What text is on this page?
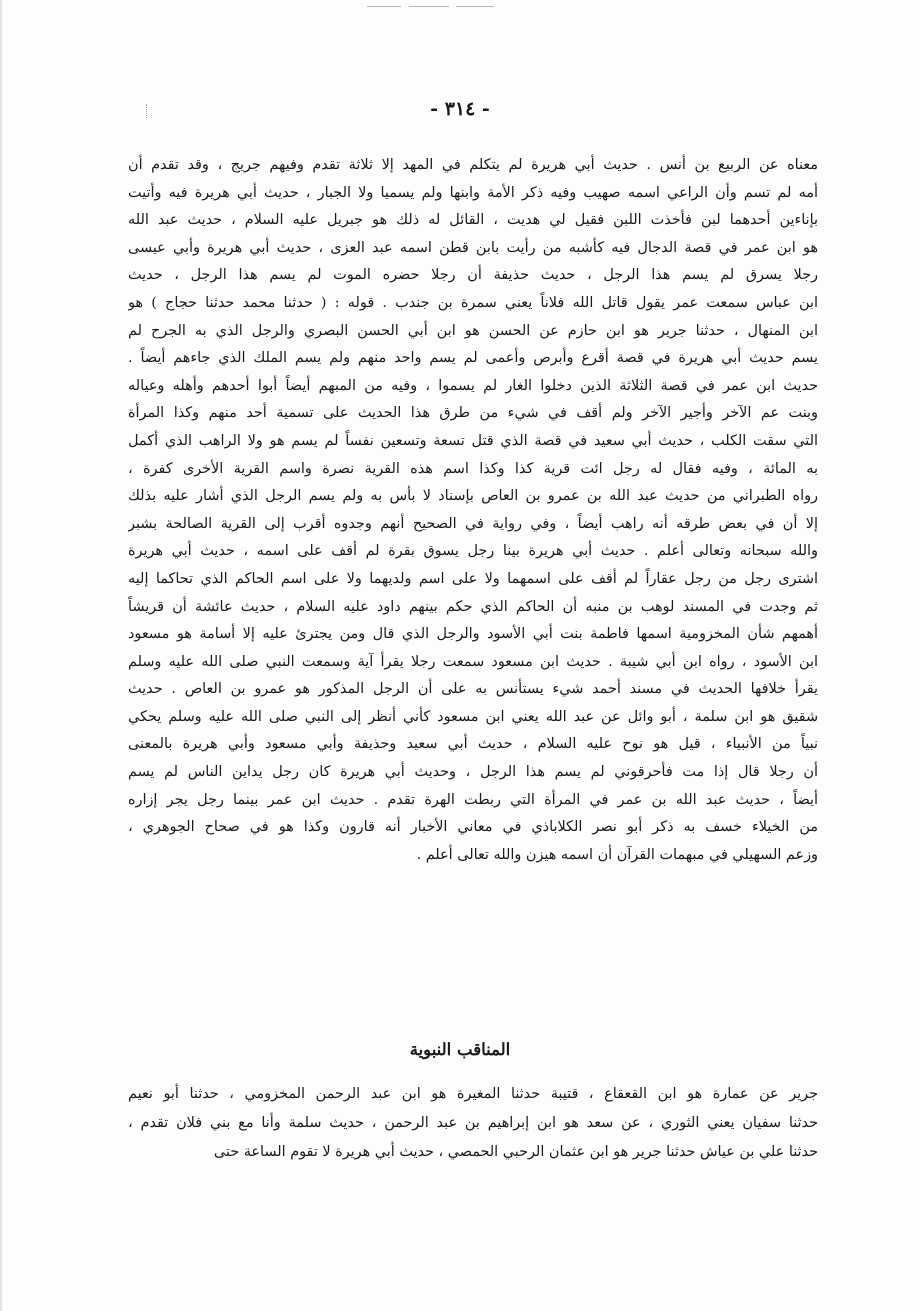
- ٣١٤ -
معناه عن الربيع بن أنس . حديث أبي هريرة لم يتكلم في المهد إلا ثلاثة تقدم وفيهم جريج ، وقد تقدم أن
أمه لم تسم وأن الراعي اسمه صهيب وفيه ذكر الأمة وابنها ولم يسميا ولا الجبار ، حديث أبي هريرة فيه وأتيت
بإناءين أحدهما لبن فأخذت اللبن فقيل لي هديت ، القائل له ذلك هو جبريل عليه السلام ، حديث عبد الله
هو ابن عمر في قصة الدجال فيه كأشبه من رأيت بابن قطن اسمه عبد العزى ، حديث أبي هريرة وأبي عيسى
رجلا يسرق لم يسم هذا الرجل ، حديث حذيفة أن رجلا حضره الموت لم يسم هذا الرجل ، حديث
ابن عباس سمعت عمر يقول قاتل الله فلاناً يعني سمرة بن جندب . قوله : ( حدثنا محمد حدثنا حجاج ) هو
ابن المنهال ، حدثنا جرير هو ابن حازم عن الحسن هو ابن أبي الحسن البصري والرجل الذي به الجرح لم
يسم حديث أبي هريرة في قصة أقرع وأبرص وأعمى لم يسم واحد منهم ولم يسم الملك الذي جاءهم أيضاً .
حديث ابن عمر في قصة الثلاثة الذين دخلوا الغار لم يسموا ، وفيه من المبهم أيضاً أبوا أحدهم وأهله وعياله
وبنت عم الآخر وأجير الآخر ولم أقف في شيء من طرق هذا الحديث على تسمية أحد منهم وكذا المرأة
التي سقت الكلب ، حديث أبي سعيد في قصة الذي قتل تسعة وتسعين نفساً لم يسم هو ولا الراهب الذي أكمل
به المائة ، وفيه فقال له رجل ائت قرية كذا وكذا اسم هذه القرية نصرة واسم القرية الأخرى كفرة ،
رواه الطبراني من حديث عبد الله بن عمرو بن العاص بإسناد لا بأس به ولم يسم الرجل الذي أشار عليه بذلك
إلا أن في بعض طرقه أنه راهب أيضاً ، وفي رواية في الصحيح أنهم وجدوه أقرب إلى القرية الصالحة بشبر
والله سبحانه وتعالى أعلم . حديث أبي هريرة بينا رجل يسوق بقرة لم أقف على اسمه ، حديث أبي هريرة
اشترى رجل من رجل عقاراً لم أقف على اسمهما ولا على اسم ولديهما ولا على اسم الحاكم الذي تحاكما إليه
ثم وجدت في المسند لوهب بن منبه أن الحاكم الذي حكم بينهم داود عليه السلام ، حديث عائشة أن قريشاً
أهمهم شأن المخزومية اسمها فاطمة بنت أبي الأسود والرجل الذي قال ومن يجترئ عليه إلا أسامة هو مسعود
ابن الأسود ، رواه ابن أبي شيبة . حديث ابن مسعود سمعت رجلا يقرأ آية وسمعت النبي صلى الله عليه وسلم
يقرأ خلافها الحديث في مسند أحمد شيء يستأنس به على أن الرجل المذكور هو عمرو بن العاص . حديث
شقيق هو ابن سلمة ، أبو وائل عن عبد الله يعني ابن مسعود كأني أنظر إلى النبي صلى الله عليه وسلم يحكي
نبياً من الأنبياء ، قيل هو نوح عليه السلام ، حديث أبي سعيد وحذيفة وأبي مسعود وأبي هريرة بالمعنى
أن رجلا قال إذا مت فأحرقوني لم يسم هذا الرجل ، وحديث أبي هريرة كان رجل يداين الناس لم يسم
أيضاً ، حديث عبد الله بن عمر في المرأة التي ربطت الهرة تقدم . حديث ابن عمر بينما رجل يجر إزاره
من الخيلاء خسف به ذكر أبو نصر الكلاباذي في معاني الأخبار أنه قارون وكذا هو في صحاح الجوهري ،
وزعم السهيلي في مبهمات القرآن أن اسمه هيزن والله تعالى أعلم .
المناقب النبوية
جرير عن عمارة هو ابن القعقاع ، قتيبة حدثنا المغيرة هو ابن عبد الرحمن المخزومي ، حدثنا أبو نعيم
حدثنا سفيان يعني الثوري ، عن سعد هو ابن إبراهيم بن عبد الرحمن ، حديث سلمة وأنا مع بني فلان تقدم ،
حدثنا علي بن عياش حدثنا جرير هو ابن عثمان الرحبي الحمصي ، حديث أبي هريرة لا تقوم الساعة حتى
